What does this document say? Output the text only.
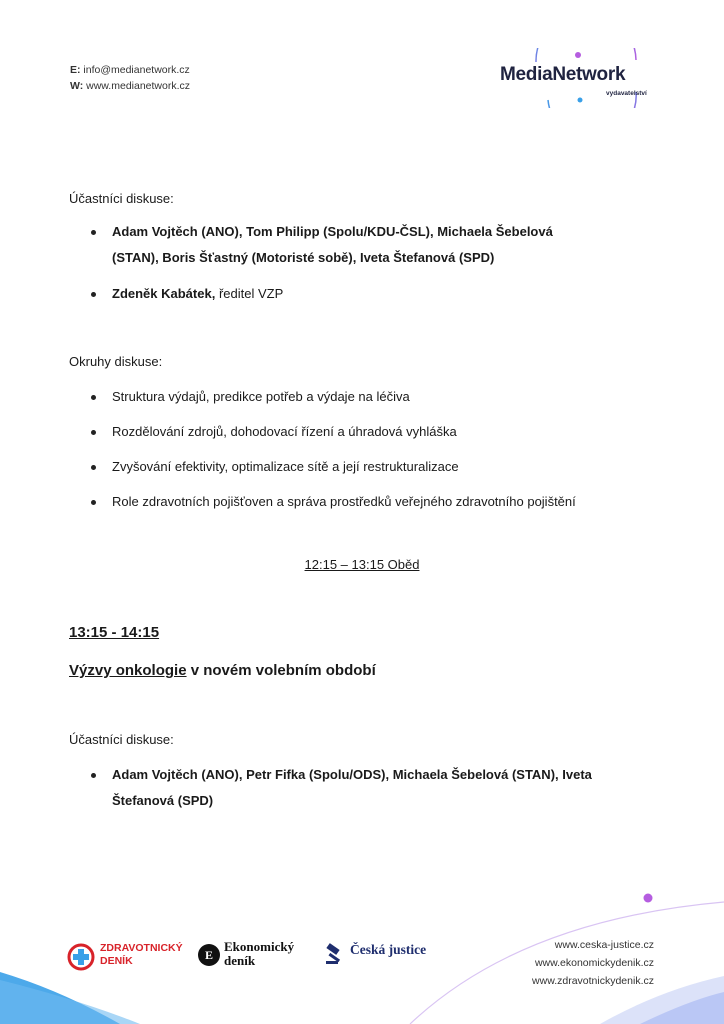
E: info@medianetwork.cz
W: www.medianetwork.cz
MediaNetwork
vydavatelství
Účastníci diskuse:
Adam Vojtěch (ANO), Tom Philipp (Spolu/KDU-ČSL), Michaela Šebelová
(STAN), Boris Šťastný (Motoristé sobě), Iveta Štefanová (SPD)
Zdeněk Kabátek, ředitel VZP
Okruhy diskuse:
Struktura výdajů, predikce potřeb a výdaje na léčiva
Rozdělování zdrojů, dohodovací řízení a úhradová vyhláška
Zvyšování efektivity, optimalizace sítě a její restrukturalizace
Role zdravotních pojišťoven a správa prostředků veřejného zdravotního pojištění
12:15 – 13:15 Oběd
13:15 - 14:15
Výzvy onkologie v novém volebním období
Účastníci diskuse:
Adam Vojtěch (ANO), Petr Fifka (Spolu/ODS), Michaela Šebelová (STAN), Iveta
Štefanová (SPD)
ZDRAVOTNICKÝ
DENÍK	E
Ekonomický
deník
Česká justice	www.ceska-justice.cz
www.ekonomickydenik.cz
www.zdravotnickydenik.cz
